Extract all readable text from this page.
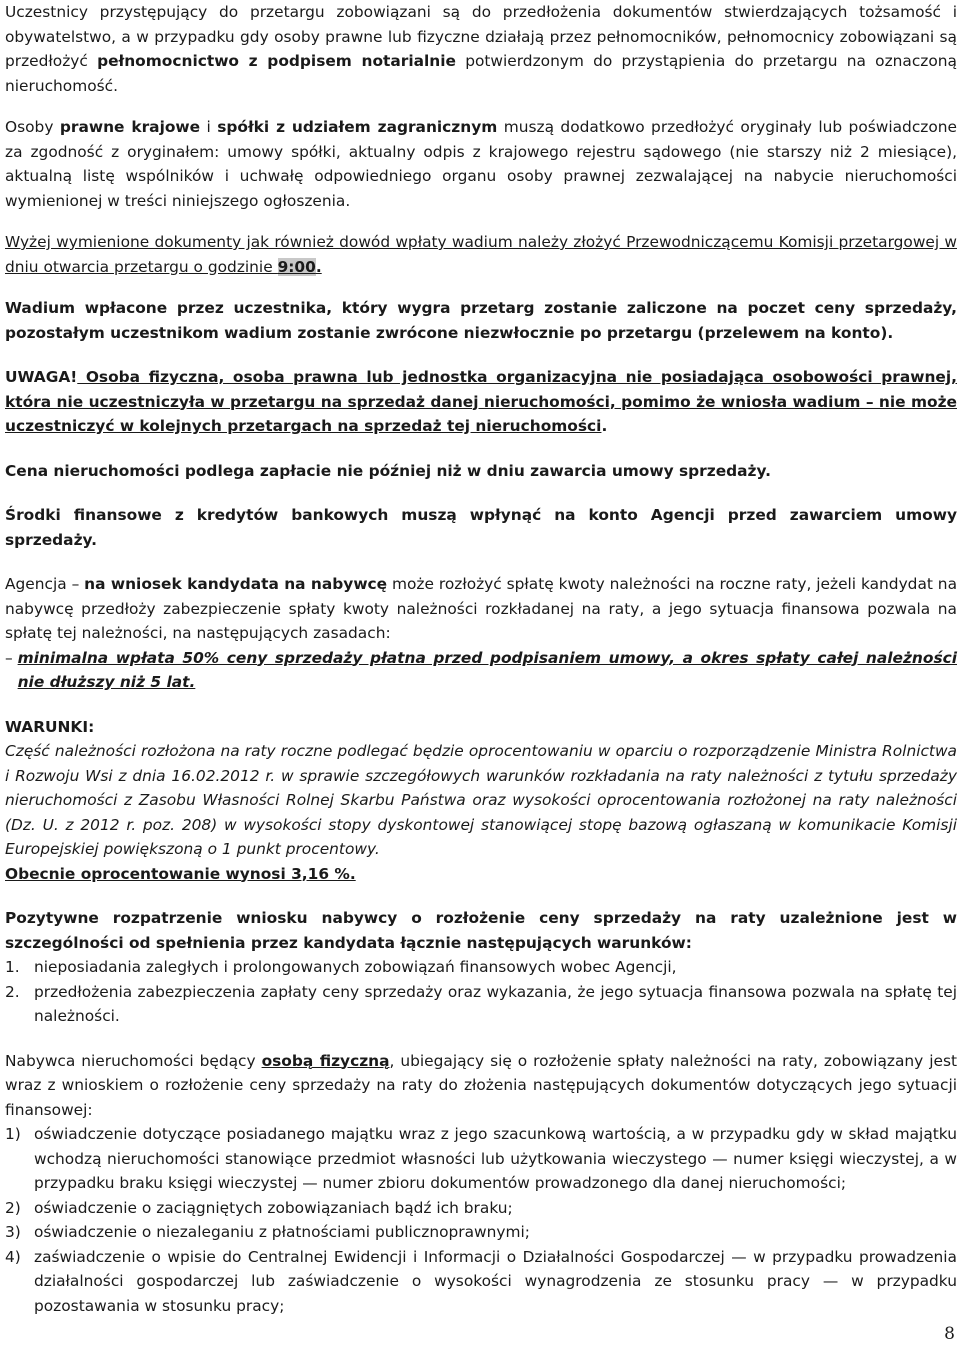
Uczestnicy przystępujący do przetargu zobowiązani są do przedłożenia dokumentów stwierdzających tożsamość i obywatelstwo, a w przypadku gdy osoby prawne lub fizyczne działają przez pełnomocników, pełnomocnicy zobowiązani są przedłożyć pełnomocnictwo z podpisem notarialnie potwierdzonym do przystąpienia do przetargu na oznaczoną nieruchomość.

Osoby prawne krajowe i spółki z udziałem zagranicznym muszą dodatkowo przedłożyć oryginały lub poświadczone za zgodność z oryginałem: umowy spółki, aktualny odpis z krajowego rejestru sądowego (nie starszy niż 2 miesiące), aktualną listę wspólników i uchwałę odpowiedniego organu osoby prawnej zezwalającej na nabycie nieruchomości wymienionej w treści niniejszego ogłoszenia.

Wyżej wymienione dokumenty jak również dowód wpłaty wadium należy złożyć Przewodniczącemu Komisji przetargowej w dniu otwarcia przetargu o godzinie 9:00.

Wadium wpłacone przez uczestnika, który wygra przetarg zostanie zaliczone na poczet ceny sprzedaży, pozostałym uczestnikom wadium zostanie zwrócone niezwłocznie po przetargu (przelewem na konto).

UWAGA! Osoba fizyczna, osoba prawna lub jednostka organizacyjna nie posiadająca osobowości prawnej, która nie uczestniczyła w przetargu na sprzedaż danej nieruchomości, pomimo że wniosła wadium – nie może uczestniczyć w kolejnych przetargach na sprzedaż tej nieruchomości.

Cena nieruchomości podlega zapłacie nie później niż w dniu zawarcia umowy sprzedaży.

Środki finansowe z kredytów bankowych muszą wpłynąć na konto Agencji przed zawarciem umowy sprzedaży.

Agencja – na wniosek kandydata na nabywcę może rozłożyć spłatę kwoty należności na roczne raty, jeżeli kandydat na nabywcę przedłoży zabezpieczenie spłaty kwoty należności rozkładanej na raty, a jego sytuacja finansowa pozwala na spłatę tej należności, na następujących zasadach:

– minimalna wpłata 50% ceny sprzedaży płatna przed podpisaniem umowy, a okres spłaty całej należności nie dłuższy niż 5 lat.

WARUNKI:

Część należności rozłożona na raty roczne podlegać będzie oprocentowaniu w oparciu o rozporządzenie Ministra Rolnictwa i Rozwoju Wsi z dnia 16.02.2012 r. w sprawie szczegółowych warunków rozkładania na raty należności z tytułu sprzedaży nieruchomości z Zasobu Własności Rolnej Skarbu Państwa oraz wysokości oprocentowania rozłożonej na raty należności (Dz. U. z 2012 r. poz. 208) w wysokości stopy dyskontowej stanowiącej stopę bazową ogłaszaną w komunikacie Komisji Europejskiej powiększoną o 1 punkt procentowy.

Obecnie oprocentowanie wynosi 3,16 %.

Pozytywne rozpatrzenie wniosku nabywcy o rozłożenie ceny sprzedaży na raty uzależnione jest w szczególności od spełnienia przez kandydata łącznie następujących warunków:

1. nieposiadania zaległych i prolongowanych zobowiązań finansowych wobec Agencji,
2. przedłożenia zabezpieczenia zapłaty ceny sprzedaży oraz wykazania, że jego sytuacja finansowa pozwala na spłatę tej należności.

Nabywca nieruchomości będący osobą fizyczną, ubiegający się o rozłożenie spłaty należności na raty, zobowiązany jest wraz z wnioskiem o rozłożenie ceny sprzedaży na raty do złożenia następujących dokumentów dotyczących jego sytuacji finansowej:

1) oświadczenie dotyczące posiadanego majątku wraz z jego szacunkową wartością, a w przypadku gdy w skład majątku wchodzą nieruchomości stanowiące przedmiot własności lub użytkowania wieczystego — numer księgi wieczystej, a w przypadku braku księgi wieczystej — numer zbioru dokumentów prowadzonego dla danej nieruchomości;
2) oświadczenie o zaciągniętych zobowiązaniach bądź ich braku;
3) oświadczenie o niezaleganiu z płatnościami publicznoprawnymi;
4) zaświadczenie o wpisie do Centralnej Ewidencji i Informacji o Działalności Gospodarczej — w przypadku prowadzenia działalności gospodarczej lub zaświadczenie o wysokości wynagrodzenia ze stosunku pracy — w przypadku pozostawania w stosunku pracy;
8
